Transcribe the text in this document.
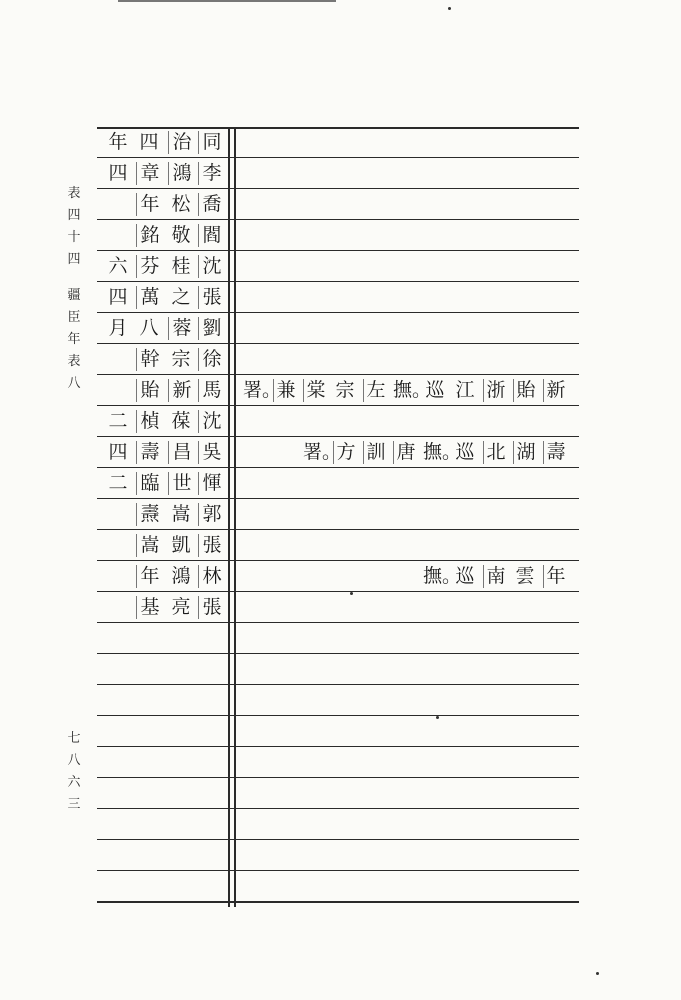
表
四
十
四
疆
臣
年
表
八
七
八
六
三
年 四 治 同
四 章 鴻 李
年 松 喬
銘 敬 閻
六 芬 桂 沈
四 萬 之 張
月 八 蓉 劉
幹 宗 徐
貽 新 馬 署。
兼 棠 宗 左 撫。
巡 江 浙 貽 新
二 楨 葆 沈
四 壽 昌 吳	署。
方 訓 唐 撫。
巡 北 湖 壽
二 臨 世 惲
燾 嵩 郭
嵩 凱 張
年 鴻 林	撫。
巡 南 雲 年
基 亮 張
